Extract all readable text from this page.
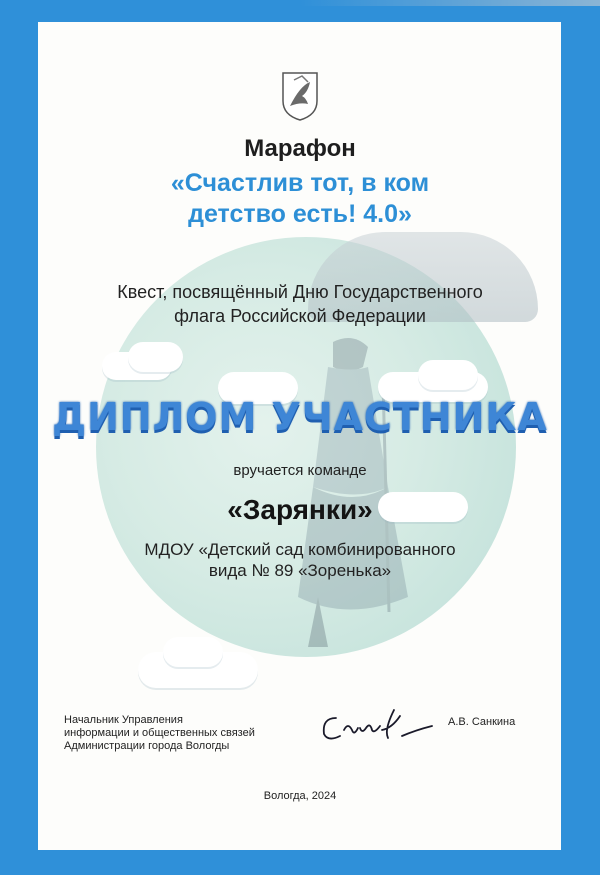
Марафон
«Счастлив тот, в ком
детство есть! 4.0»
Квест, посвящённый Дню Государственного
флага Российской Федерации
ДИПЛОМ УЧАСТНИКА
вручается команде
«Зарянки»
МДОУ «Детский сад комбинированного
вида № 89 «Зоренька»
Начальник Управления
информации и общественных связей
Администрации города Вологды
А.В. Санкина
Вологда, 2024
